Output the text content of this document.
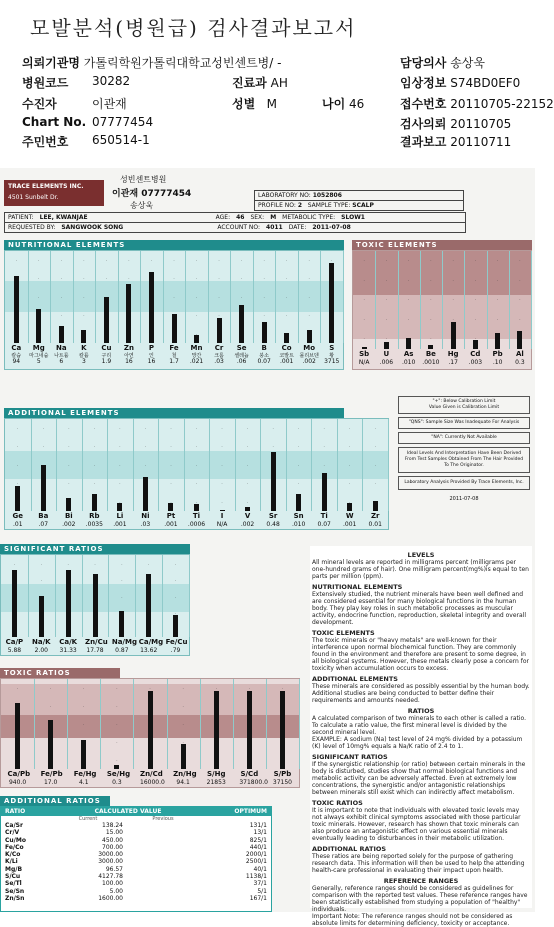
모발분석(병원급) 검사결과보고서
의뢰기관명 가톨릭학원가톨릭대학교성빈센트병/ -	담당의사 송상욱
병원코드 30282	진료과 AH	임상정보 S74BD0EF0
수진자	이관재	성별 M	나이 46	접수번호 20110705-22152
Chart No. 07777454	검사의뢰 20110705
주민번호 650514-1	결과보고 20110711
TRACE ELEMENTS INC.
4501 Sunbelt Dr.
성빈센트병원
이관재 07777454
송상욱
LABORATORY NO: 1052806
PROFILE NO: 2 SAMPLE TYPE: SCALP
PATIENT: LEE, KWANJAE	AGE: 46 SEX: M METABOLIC TYPE: SLOW1
REQUESTED BY: SANGWOOK SONG	ACCOUNT NO: 4011 DATE: 2011-07-08
NUTRITIONAL ELEMENTS
.
Ca
칼슘
94
.
.
.
Mg
마그네슘
5
.
.
.
.
Na
나트륨
6
.
.
.
.
K
칼륨
3
.
.
Cu
구리
1.9
.
.
Zn
아연
16
.
P
인
16
.
.
.
Fe
철
1.7
.
.
.
.
.
Mn
망간
.021
.
.
.
.
Cr
크롬
.03
.
.
.
Se
셀레늄
.06
.
.
.
.
B
붕소
0.07
.
.
.
.
Co
코발트
.001
.
.
.
.
Mo
몰리브덴
.002
.
S
황
3715
TOXIC ELEMENTS
.
.
.
.
.
Sb
N/A
.
.
.
.
.
U
.006
.
.
.
.
As
.010
.
.
.
.
.
Be
.0010
.
.
.
.
Hg
.17
.
.
.
.
.
Cd
.003
.
.
.
.
Pb
.10
.
.
.
.
Al
0.3
ADDITIONAL ELEMENTS
.
.
.
.
Ge
.01
.
.
Ba
.07
.
.
.
.
Bi
.002
.
.
.
.
Rb
.0035
.
.
.
.
.
Li
.001
.
.
.
Ni
.03
.
.
.
.
.
Pt
.001
.
.
.
.
.
Ti
.0006
.
.
.
.
.
I
N/A
.
.
.
.
.
V
.002
.
.
Sr
0.48
.
.
.
.
Sn
.010
.
.
.
Ti
0.07
.
.
.
.
.
W
.001
.
.
.
.
Zr
0.01
"+": Below Calibration Limit
Value Given is Calibration Limit
"QNS": Sample Size Was Inadequate For Analysis
"NA": Currently Not Available
Ideal Levels And Interpretation Have Been Derived From Test Samples Obtained From The Hair Provided To The Originator.
Laboratory Analysis Provided By Trace Elements, Inc.
2011-07-08
SIGNIFICANT RATIOS
.
Ca/P
5.88
.
.
Na/K
2.00
.
Ca/K
31.33
.
Zn/Cu
17.78
.
.
.
Na/Mg
0.87
.
Ca/Mg
13.62
.
.
.
.
Fe/Cu
.79
TOXIC RATIOS
.
Ca/Pb
940.0
.
.
Fe/Pb
17.0
.
.
.
Fe/Hg
4.1
.
.
.
.
.
Se/Hg
0.3
.
Zn/Cd
16000.0
.
.
.
.
Zn/Hg
94.1
.
S/Hg
21853
.
S/Cd
371800.0
.
S/Pb
37150
ADDITIONAL RATIOS
RATIO	CALCULATED VALUE	OPTIMUM
Current	Previous
Ca/Sr	138.24	131/1
Cr/V	15.00	13/1
Cu/Mo	450.00	825/1
Fe/Co	700.00	440/1
K/Co	3000.00	2000/1
K/Li	3000.00	2500/1
Mg/B	96.57	40/1
S/Cu	4127.78	1138/1
Se/Tl	100.00	37/1
Se/Sn	5.00	5/1
Zn/Sn	1600.00	167/1
LEVELS

All mineral levels are reported in milligrams percent (milligrams per one-hundred grams of hair). One milligram percent(mg%)is equal to ten parts per million (ppm).

NUTRITIONAL ELEMENTS

Extensively studied, the nutrient minerals have been well defined and are considered essential for many biological functions in the human body. They play key roles in such metabolic processes as muscular activity, endocrine function, reproduction, skeletal integrity and overall development.

TOXIC ELEMENTS

The toxic minerals or "heavy metals" are well-known for their interference upon normal biochemical function. They are commonly found in the environment and therefore are present to some degree, in all biological systems. However, these metals clearly pose a concern for toxicity when accumulation occurs to excess.

ADDITIONAL ELEMENTS

These minerals are considered as possibly essential by the human body. Additional studies are being conducted to better define their requirements and amounts needed.

RATIOS

A calculated comparison of two minerals to each other is called a ratio. To calculate a ratio value, the first mineral level is divided by the second mineral level.

EXAMPLE: A sodium (Na) test level of 24 mg% divided by a potassium (K) level of 10mg% equals a Na/K ratio of 2.4 to 1.

SIGNIFICANT RATIOS

If the synergistic relationship (or ratio) between certain minerals in the body is disturbed, studies show that normal biological functions and metabolic activity can be adversely affected. Even at extremely low concentrations, the synergistic and/or antagonistic relationships between minerals still exist which can indirectly affect metabolism.

TOXIC RATIOS

It is important to note that individuals with elevated toxic levels may not always exhibit clinical symptoms associated with those particular toxic minerals. However, research has shown that toxic minerals can also produce an antagonistic effect on various essential minerals eventually leading to disturbances in their metabolic utilization.

ADDITIONAL RATIOS

These ratios are being reported solely for the purpose of gathering research data. This information will then be used to help the attending health-care professional in evaluating their impact upon health.

REFERENCE RANGES

Generally, reference ranges should be considered as guidelines for comparison with the reported test values. These reference ranges have been statistically established from studying a population of "healthy" individuals.

Important Note: The reference ranges should not be considered as absolute limits for determining deficiency, toxicity or acceptance.
